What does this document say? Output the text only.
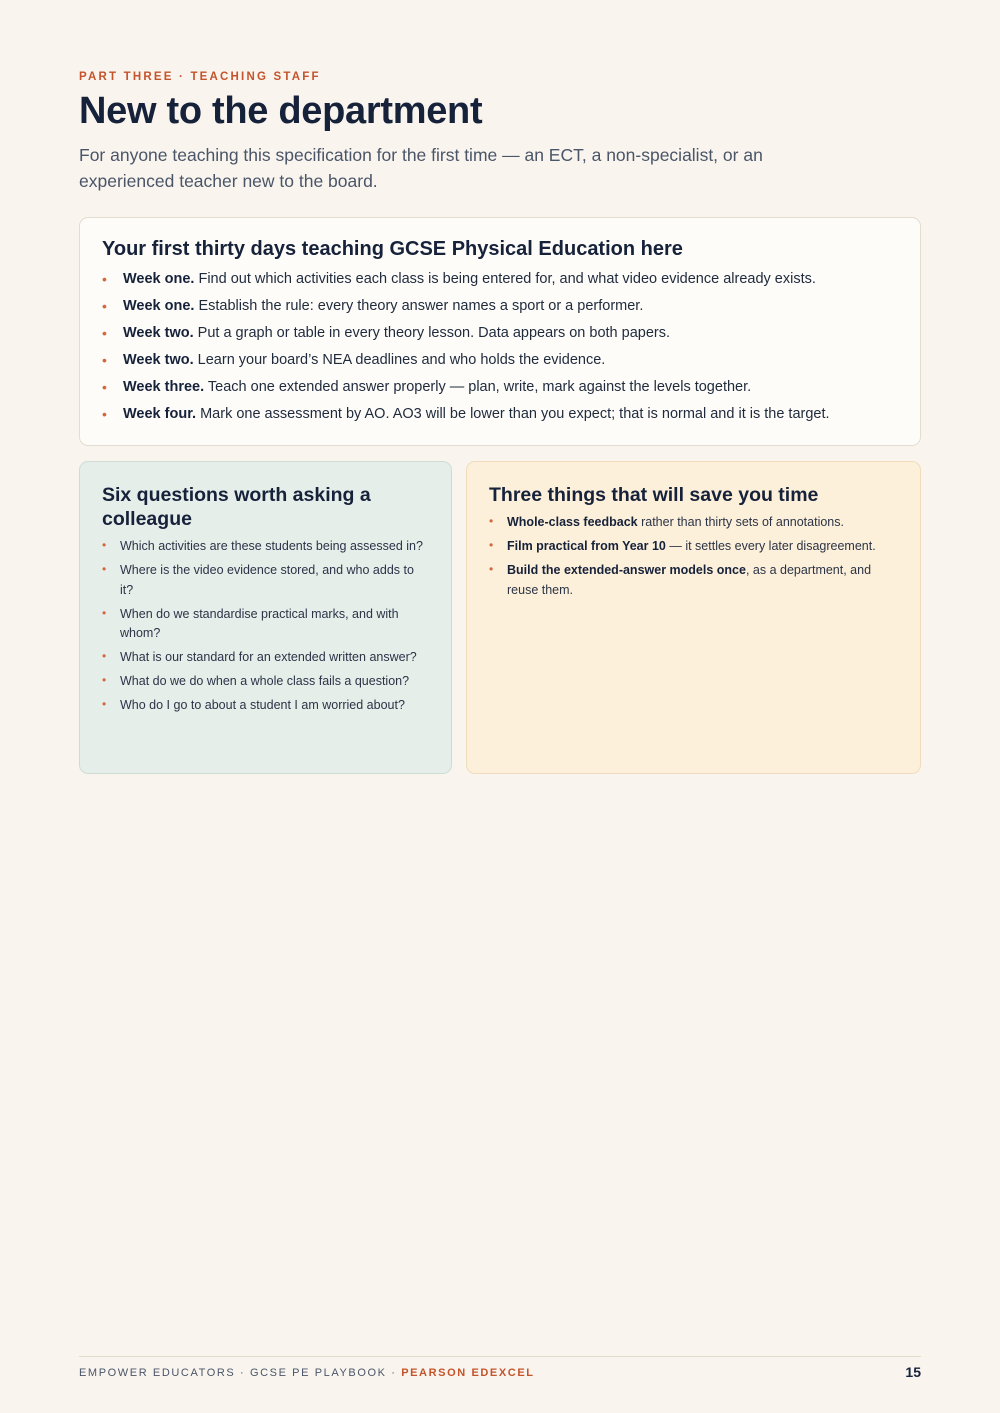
PART THREE · TEACHING STAFF
New to the department

For anyone teaching this specification for the first time — an ECT, a non-specialist, or an experienced teacher new to the board.

Your first thirty days teaching GCSE Physical Education here
• Week one. Find out which activities each class is being entered for, and what video evidence already exists.
• Week one. Establish the rule: every theory answer names a sport or a performer.
• Week two. Put a graph or table in every theory lesson. Data appears on both papers.
• Week two. Learn your board’s NEA deadlines and who holds the evidence.
• Week three. Teach one extended answer properly — plan, write, mark against the levels together.
• Week four. Mark one assessment by AO. AO3 will be lower than you expect; that is normal and it is the target.
Six questions worth asking a colleague
• Which activities are these students being assessed in?
• Where is the video evidence stored, and who adds to it?
• When do we standardise practical marks, and with whom?
• What is our standard for an extended written answer?
• What do we do when a whole class fails a question?
• Who do I go to about a student I am worried about?
Three things that will save you time
• Whole-class feedback rather than thirty sets of annotations.
• Film practical from Year 10 — it settles every later disagreement.
• Build the extended-answer models once, as a department, and reuse them.
EMPOWER EDUCATORS · GCSE PE PLAYBOOK · PEARSON EDEXCEL	15
